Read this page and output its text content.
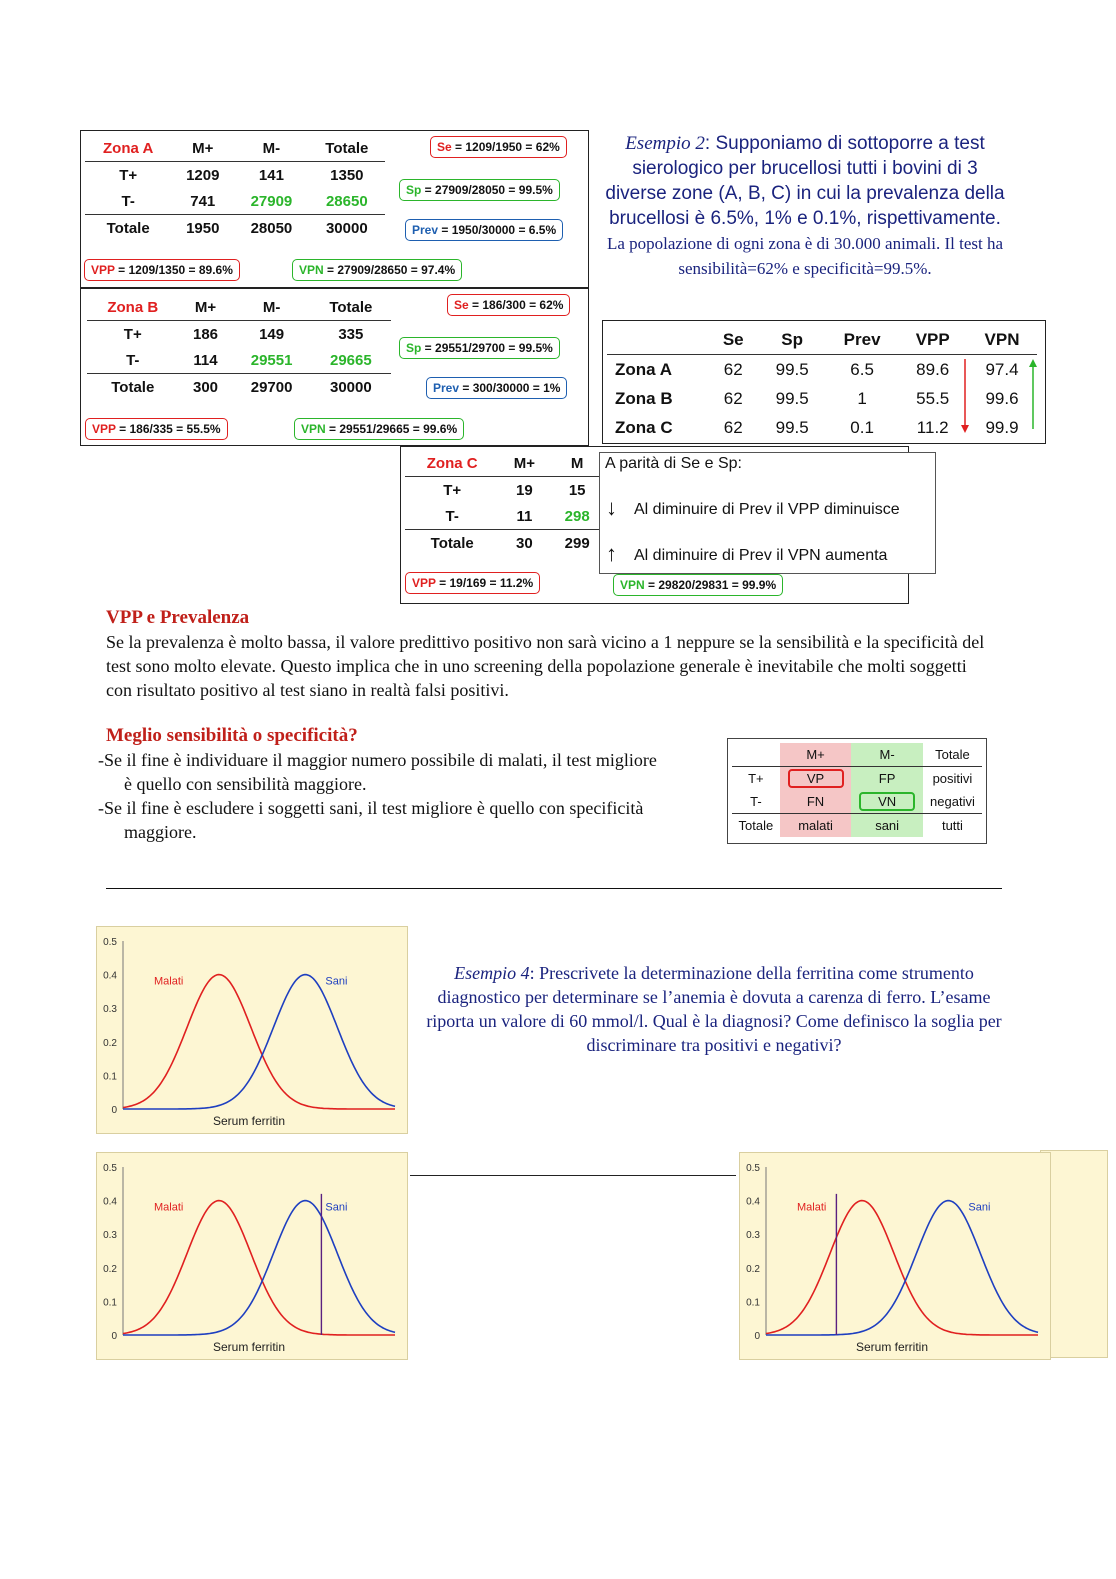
Zona A	M+	M-	Totale
T+	1209	141	1350
T-	741	27909	28650
Totale	1950	28050	30000
Se = 1209/1950 = 62%
Sp = 27909/28050 = 99.5%
Prev = 1950/30000 = 6.5%
VPP = 1209/1350 = 89.6%	VPN = 27909/28650 = 97.4%
Zona B	M+	M-	Totale
T+	186	149	335
T-	114	29551	29665
Totale	300	29700	30000
Se = 186/300 = 62%
Sp = 29551/29700 = 99.5%
Prev = 300/30000 = 1%
VPP = 186/335 = 55.5%	VPN = 29551/29665 = 99.6%
Zona C	M+	M
T+	19	15
T-	11	298
Totale	30	299
VPP = 19/169 = 11.2%	VPN = 29820/29831 = 99.9%
A parità di Se e Sp:
↓ Al diminuire di Prev il VPP diminuisce
↑ Al diminuire di Prev il VPN aumenta
Esempio 2: Supponiamo di sottoporre a test sierologico per brucellosi tutti i bovini di 3 diverse zone (A, B, C) in cui la prevalenza della brucellosi è 6.5%, 1% e 0.1%, rispettivamente. La popolazione di ogni zona è di 30.000 animali. Il test ha sensibilità=62% e specificità=99.5%.
	Se	Sp	Prev	VPP	VPN
Zona A	62	99.5	6.5	89.6	97.4
Zona B	62	99.5	1	55.5	99.6
Zona C	62	99.5	0.1	11.2	99.9
VPP e Prevalenza
Se la prevalenza è molto bassa, il valore predittivo positivo non sarà vicino a 1 neppure se la sensibilità e la specificità del test sono molto elevate. Questo implica che in uno screening della popolazione generale è inevitabile che molti soggetti con risultato positivo al test siano in realtà falsi positivi.
Meglio sensibilità o specificità?
-Se il fine è individuare il maggior numero possibile di malati, il test migliore è quello con sensibilità maggiore.
-Se il fine è escludere i soggetti sani, il test migliore è quello con specificità maggiore.
	M+	M-	Totale
T+	VP	FP	positivi
T-	FN	VN	negativi
Totale	malati	sani	tutti
Esempio 4: Prescrivete la determinazione della ferritina come strumento diagnostico per determinare se l’anemia è dovuta a carenza di ferro. L’esame riporta un valore di 60 mmol/l. Qual è la diagnosi? Come definisco la soglia per discriminare tra positivi e negativi?
0
0.1
0.2
0.3
0.4
0.5
Malati	Sani
Serum ferritin
0
0.1
0.2
0.3
0.4
0.5
Malati	Sani
Serum ferritin
0
0.1
0.2
0.3
0.4
0.5
Malati	Sani
Serum ferritin
